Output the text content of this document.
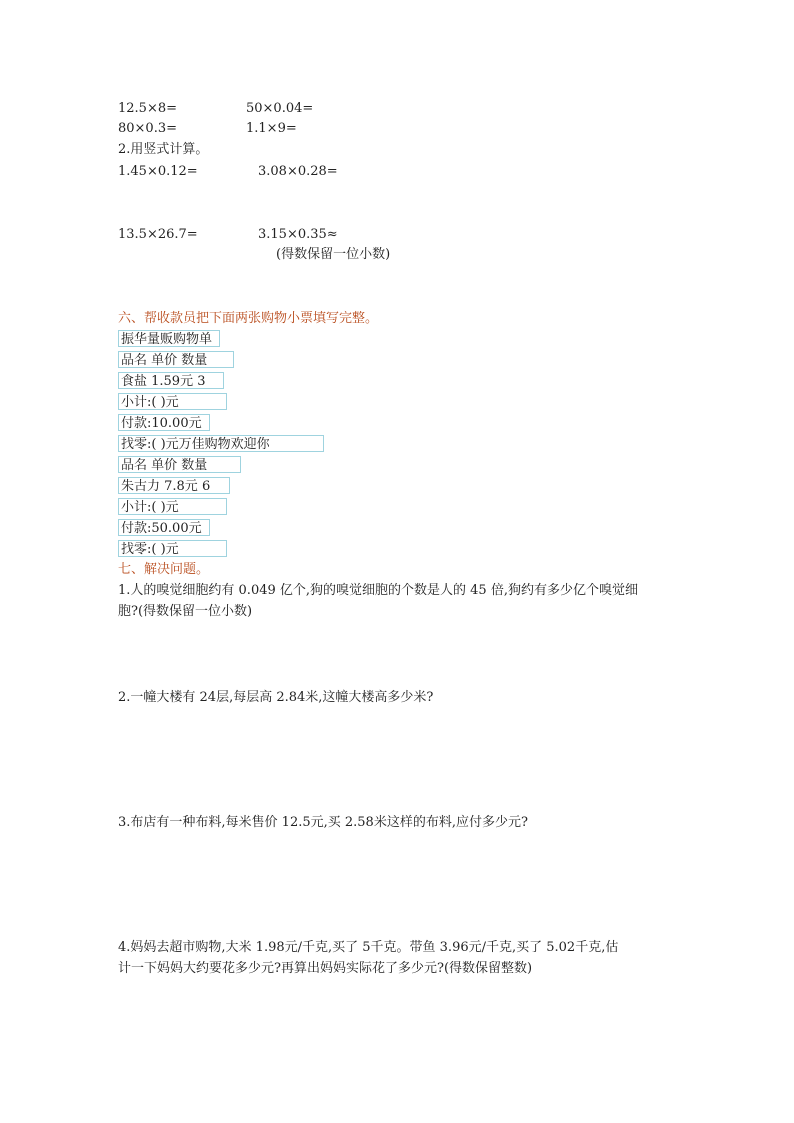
12.5×8=	50×0.04=
80×0.3=	1.1×9=
2.用竖式计算。
1.45×0.12=	3.08×0.28=
13.5×26.7=	3.15×0.35≈
(得数保留一位小数)
六、帮收款员把下面两张购物小票填写完整。
振华量贩购物单
品名 单价 数量
食盐 1.59元 3
小计:( )元
付款:10.00元
找零:( )元万佳购物欢迎你
品名 单价 数量
朱古力 7.8元 6
小计:( )元
付款:50.00元
找零:( )元
七、解决问题。
1.人的嗅觉细胞约有 0.049 亿个,狗的嗅觉细胞的个数是人的 45 倍,狗约有多少亿个嗅觉细
胞?(得数保留一位小数)
2.一幢大楼有 24层,每层高 2.84米,这幢大楼高多少米?
3.布店有一种布料,每米售价 12.5元,买 2.58米这样的布料,应付多少元?
4.妈妈去超市购物,大米 1.98元/千克,买了 5千克。带鱼 3.96元/千克,买了 5.02千克,估
计一下妈妈大约要花多少元?再算出妈妈实际花了多少元?(得数保留整数)
